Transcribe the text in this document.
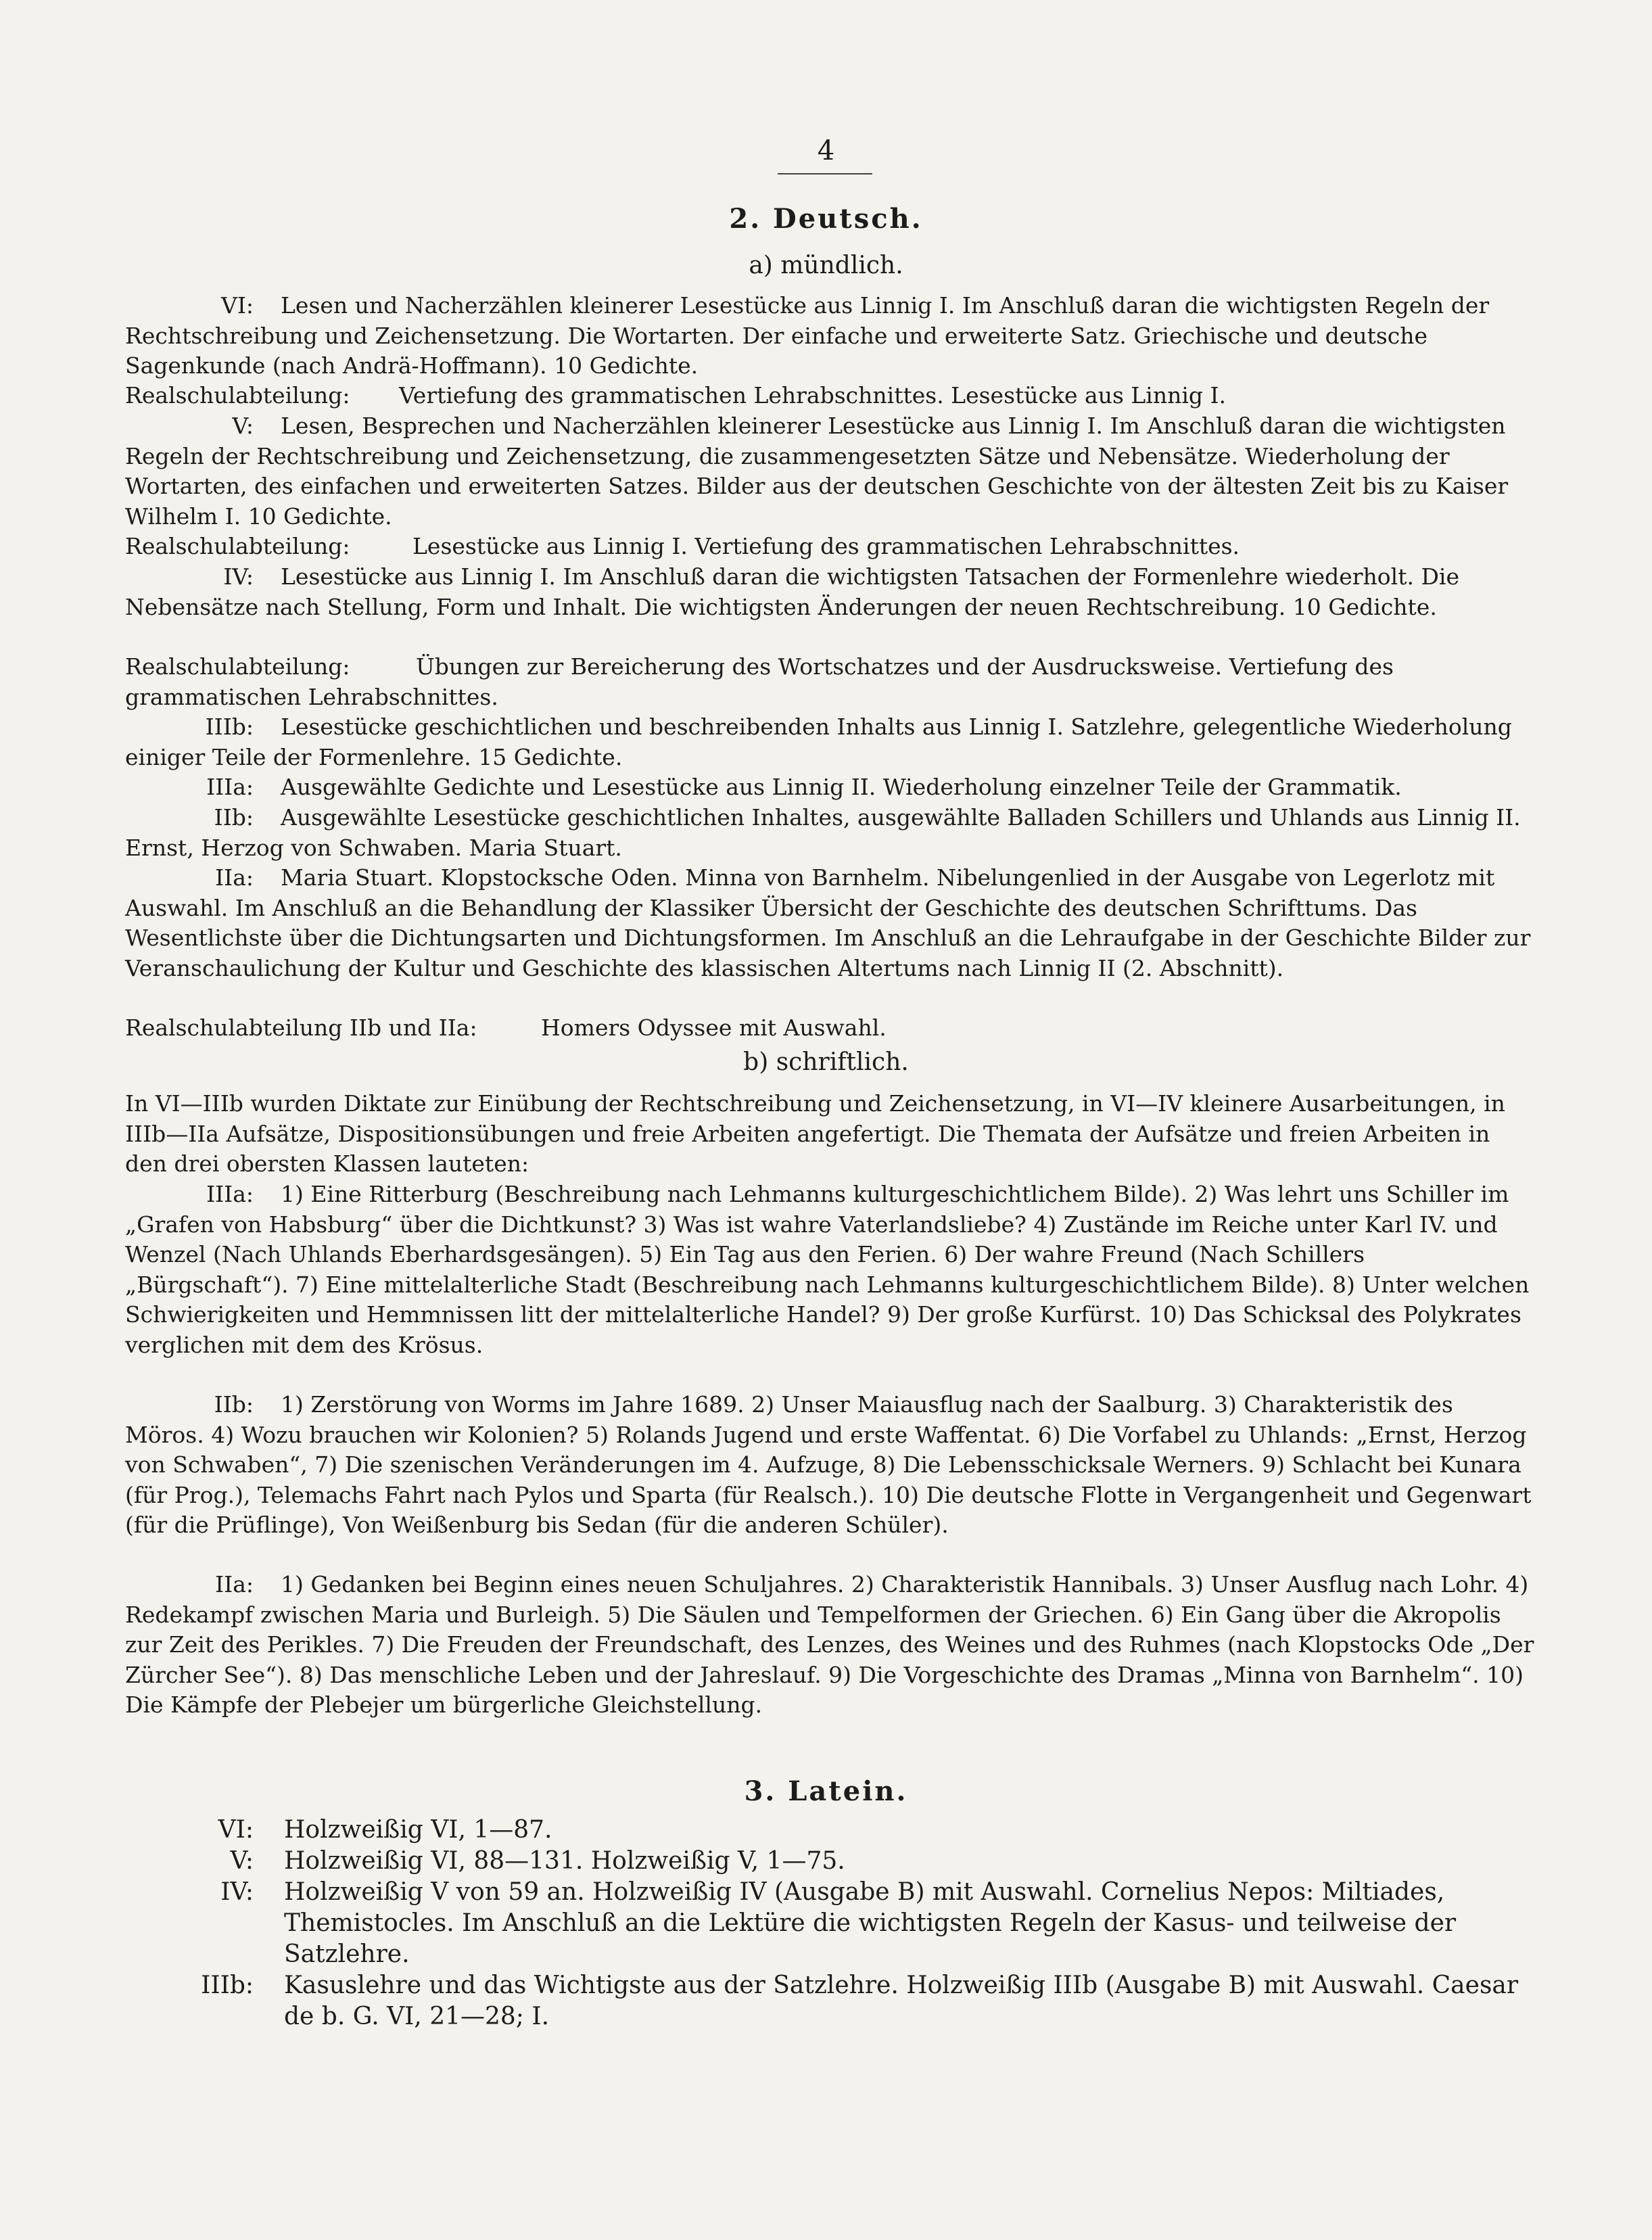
4
2. Deutsch.
a) mündlich.
VI:	Lesen und Nacherzählen kleinerer Lesestücke aus Linnig I. Im Anschluß daran die wichtigsten Regeln der Rechtschreibung und Zeichensetzung. Die Wortarten. Der einfache und erweiterte Satz. Griechische und deutsche Sagenkunde (nach Andrä-Hoffmann). 10 Gedichte.
Realschulabteilung: Vertiefung des grammatischen Lehrabschnittes. Lesestücke aus Linnig I.
V:	Lesen, Besprechen und Nacherzählen kleinerer Lesestücke aus Linnig I. Im Anschluß daran die wichtigsten Regeln der Rechtschreibung und Zeichensetzung, die zusammengesetzten Sätze und Nebensätze. Wiederholung der Wortarten, des einfachen und erweiterten Satzes. Bilder aus der deutschen Geschichte von der ältesten Zeit bis zu Kaiser Wilhelm I. 10 Gedichte.
Realschulabteilung:	Lesestücke aus Linnig I. Vertiefung des grammatischen Lehrabschnittes.
IV:	Lesestücke aus Linnig I. Im Anschluß daran die wichtigsten Tatsachen der Formenlehre wiederholt. Die Nebensätze nach Stellung, Form und Inhalt. Die wichtigsten Änderungen der neuen Rechtschreibung. 10 Gedichte.
Realschulabteilung:	Übungen zur Bereicherung des Wortschatzes und der Ausdrucksweise. Vertiefung des grammatischen Lehrabschnittes.
IIIb:	Lesestücke geschichtlichen und beschreibenden Inhalts aus Linnig I. Satzlehre, gelegentliche Wiederholung einiger Teile der Formenlehre. 15 Gedichte.
IIIa:	Ausgewählte Gedichte und Lesestücke aus Linnig II. Wiederholung einzelner Teile der Grammatik.
IIb:	Ausgewählte Lesestücke geschichtlichen Inhaltes, ausgewählte Balladen Schillers und Uhlands aus Linnig II. Ernst, Herzog von Schwaben. Maria Stuart.
IIa:	Maria Stuart. Klopstocksche Oden. Minna von Barnhelm. Nibelungenlied in der Ausgabe von Legerlotz mit Auswahl. Im Anschluß an die Behandlung der Klassiker Übersicht der Geschichte des deutschen Schrifttums. Das Wesentlichste über die Dichtungsarten und Dichtungsformen. Im Anschluß an die Lehraufgabe in der Geschichte Bilder zur Veranschaulichung der Kultur und Geschichte des klassischen Altertums nach Linnig II (2. Abschnitt).
Realschulabteilung IIb und IIa:	Homers Odyssee mit Auswahl.
b) schriftlich.
In VI—IIIb wurden Diktate zur Einübung der Rechtschreibung und Zeichensetzung, in VI—IV kleinere Ausarbeitungen, in IIIb—IIa Aufsätze, Dispositionsübungen und freie Arbeiten angefertigt. Die Themata der Aufsätze und freien Arbeiten in den drei obersten Klassen lauteten:
IIIa:	1) Eine Ritterburg (Beschreibung nach Lehmanns kulturgeschichtlichem Bilde). 2) Was lehrt uns Schiller im „Grafen von Habsburg“ über die Dichtkunst? 3) Was ist wahre Vaterlandsliebe? 4) Zustände im Reiche unter Karl IV. und Wenzel (Nach Uhlands Eberhardsgesängen). 5) Ein Tag aus den Ferien. 6) Der wahre Freund (Nach Schillers „Bürgschaft“). 7) Eine mittelalterliche Stadt (Beschreibung nach Lehmanns kulturgeschichtlichem Bilde). 8) Unter welchen Schwierigkeiten und Hemmnissen litt der mittelalterliche Handel? 9) Der große Kurfürst. 10) Das Schicksal des Polykrates verglichen mit dem des Krösus.
IIb:	1) Zerstörung von Worms im Jahre 1689. 2) Unser Maiausflug nach der Saalburg. 3) Charakteristik des Möros. 4) Wozu brauchen wir Kolonien? 5) Rolands Jugend und erste Waffentat. 6) Die Vorfabel zu Uhlands: „Ernst, Herzog von Schwaben“, 7) Die szenischen Veränderungen im 4. Aufzuge, 8) Die Lebensschicksale Werners. 9) Schlacht bei Kunara (für Prog.), Telemachs Fahrt nach Pylos und Sparta (für Realsch.). 10) Die deutsche Flotte in Vergangenheit und Gegenwart (für die Prüflinge), Von Weißenburg bis Sedan (für die anderen Schüler).
IIa:	1) Gedanken bei Beginn eines neuen Schuljahres. 2) Charakteristik Hannibals. 3) Unser Ausflug nach Lohr. 4) Redekampf zwischen Maria und Burleigh. 5) Die Säulen und Tempelformen der Griechen. 6) Ein Gang über die Akropolis zur Zeit des Perikles. 7) Die Freuden der Freundschaft, des Lenzes, des Weines und des Ruhmes (nach Klopstocks Ode „Der Zürcher See“). 8) Das menschliche Leben und der Jahreslauf. 9) Die Vorgeschichte des Dramas „Minna von Barnhelm“. 10) Die Kämpfe der Plebejer um bürgerliche Gleichstellung.
3. Latein.
VI: Holzweißig VI, 1—87.
V: Holzweißig VI, 88—131. Holzweißig V, 1—75.
IV: Holzweißig V von 59 an. Holzweißig IV (Ausgabe B) mit Auswahl. Cornelius Nepos: Miltiades, Themistocles. Im Anschluß an die Lektüre die wichtigsten Regeln der Kasus- und teilweise der Satzlehre.
IIIb: Kasuslehre und das Wichtigste aus der Satzlehre. Holzweißig IIIb (Ausgabe B) mit Auswahl. Caesar de b. G. VI, 21—28; I.
